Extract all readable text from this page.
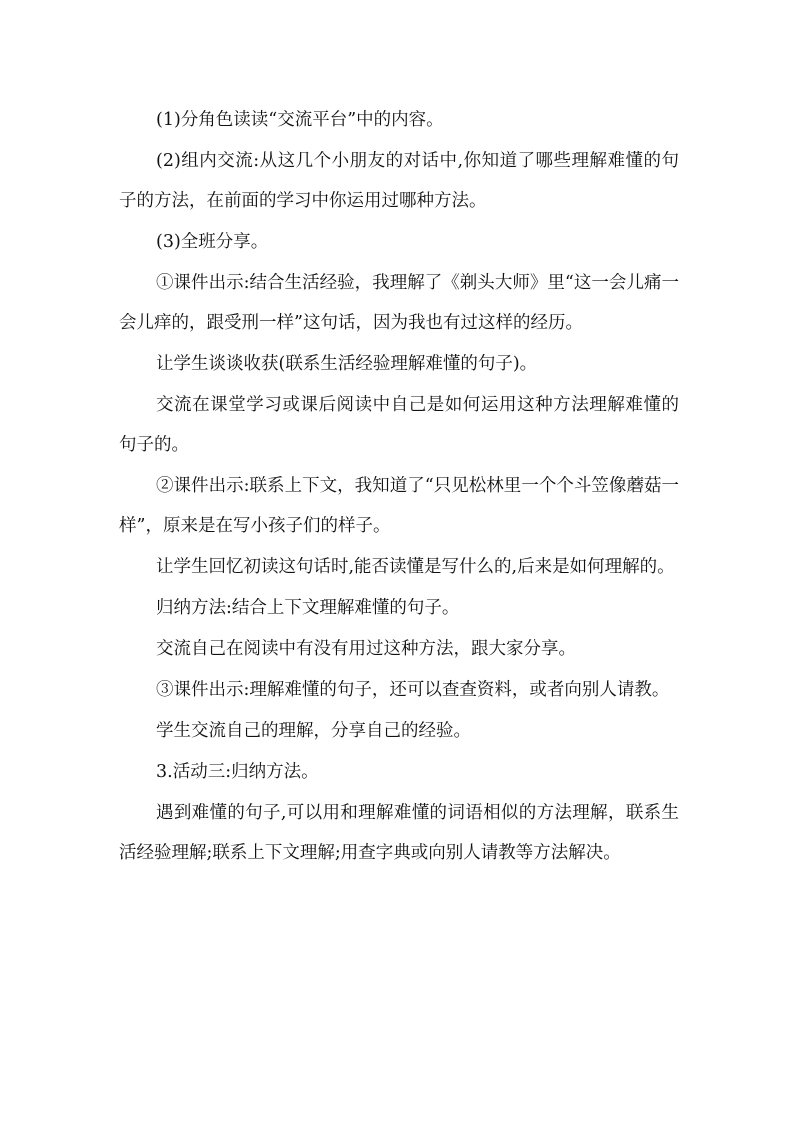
(1)分角色读读“交流平台”中的内容。

(2)组内交流:从这几个小朋友的对话中,你知道了哪些理解难懂的句子的方法，在前面的学习中你运用过哪种方法。

(3)全班分享。

①课件出示:结合生活经验，我理解了《剃头大师》里“这一会儿痛一会儿痒的，跟受刑一样”这句话，因为我也有过这样的经历。

让学生谈谈收获(联系生活经验理解难懂的句子)。

交流在课堂学习或课后阅读中自己是如何运用这种方法理解难懂的句子的。

②课件出示:联系上下文，我知道了“只见松林里一个个斗笠像蘑菇一样”，原来是在写小孩子们的样子。

让学生回忆初读这句话时,能否读懂是写什么的,后来是如何理解的。

归纳方法:结合上下文理解难懂的句子。

交流自己在阅读中有没有用过这种方法，跟大家分享。

③课件出示:理解难懂的句子，还可以查查资料，或者向别人请教。

学生交流自己的理解，分享自己的经验。

3.活动三:归纳方法。

遇到难懂的句子,可以用和理解难懂的词语相似的方法理解，联系生活经验理解;联系上下文理解;用查字典或向别人请教等方法解决。
